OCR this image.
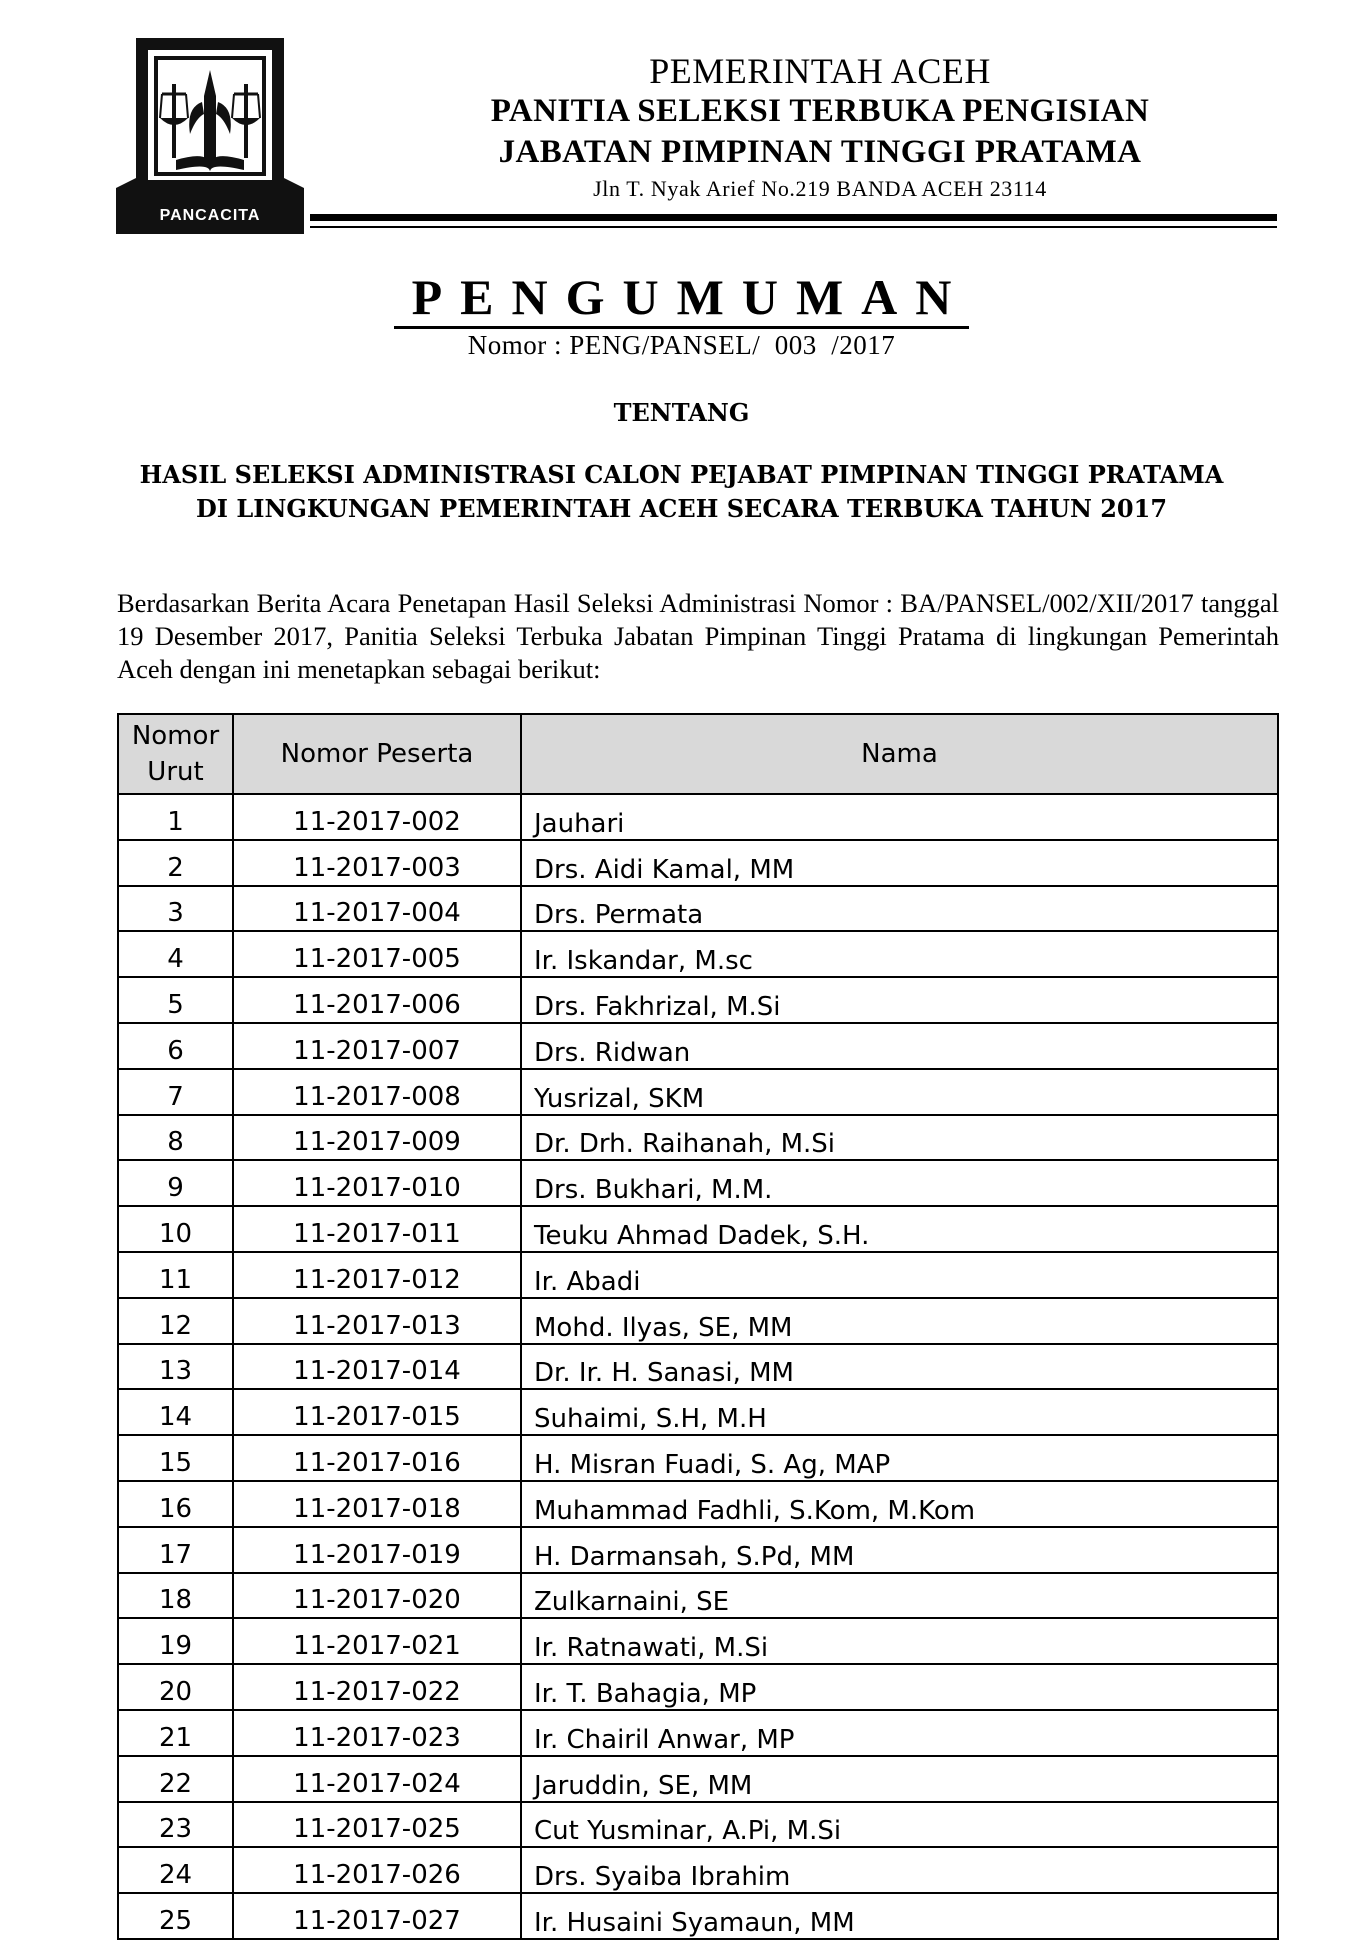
PANCACITA
PEMERINTAH ACEH
PANITIA SELEKSI TERBUKA PENGISIAN
JABATAN PIMPINAN TINGGI PRATAMA
Jln T. Nyak Arief No.219 BANDA ACEH 23114
PENGUMUMAN
Nomor : PENG/PANSEL/  003  /2017
TENTANG
HASIL SELEKSI ADMINISTRASI CALON PEJABAT PIMPINAN TINGGI PRATAMA
DI LINGKUNGAN PEMERINTAH ACEH SECARA TERBUKA TAHUN 2017
Berdasarkan Berita Acara Penetapan Hasil Seleksi Administrasi Nomor : BA/PANSEL/002/XII/2017 tanggal 19 Desember 2017, Panitia Seleksi Terbuka Jabatan Pimpinan Tinggi Pratama di lingkungan Pemerintah Aceh dengan ini menetapkan sebagai berikut:
Nomor
Urut	Nomor Peserta	Nama
1	11-2017-002	Jauhari
2	11-2017-003	Drs. Aidi Kamal, MM
3	11-2017-004	Drs. Permata
4	11-2017-005	Ir. Iskandar, M.sc
5	11-2017-006	Drs. Fakhrizal, M.Si
6	11-2017-007	Drs. Ridwan
7	11-2017-008	Yusrizal, SKM
8	11-2017-009	Dr. Drh. Raihanah, M.Si
9	11-2017-010	Drs. Bukhari, M.M.
10	11-2017-011	Teuku Ahmad Dadek, S.H.
11	11-2017-012	Ir. Abadi
12	11-2017-013	Mohd. Ilyas, SE, MM
13	11-2017-014	Dr. Ir. H. Sanasi, MM
14	11-2017-015	Suhaimi, S.H, M.H
15	11-2017-016	H. Misran Fuadi, S. Ag, MAP
16	11-2017-018	Muhammad Fadhli, S.Kom, M.Kom
17	11-2017-019	H. Darmansah, S.Pd, MM
18	11-2017-020	Zulkarnaini, SE
19	11-2017-021	Ir. Ratnawati, M.Si
20	11-2017-022	Ir. T. Bahagia, MP
21	11-2017-023	Ir. Chairil Anwar, MP
22	11-2017-024	Jaruddin, SE, MM
23	11-2017-025	Cut Yusminar, A.Pi, M.Si
24	11-2017-026	Drs. Syaiba Ibrahim
25	11-2017-027	Ir. Husaini Syamaun, MM
